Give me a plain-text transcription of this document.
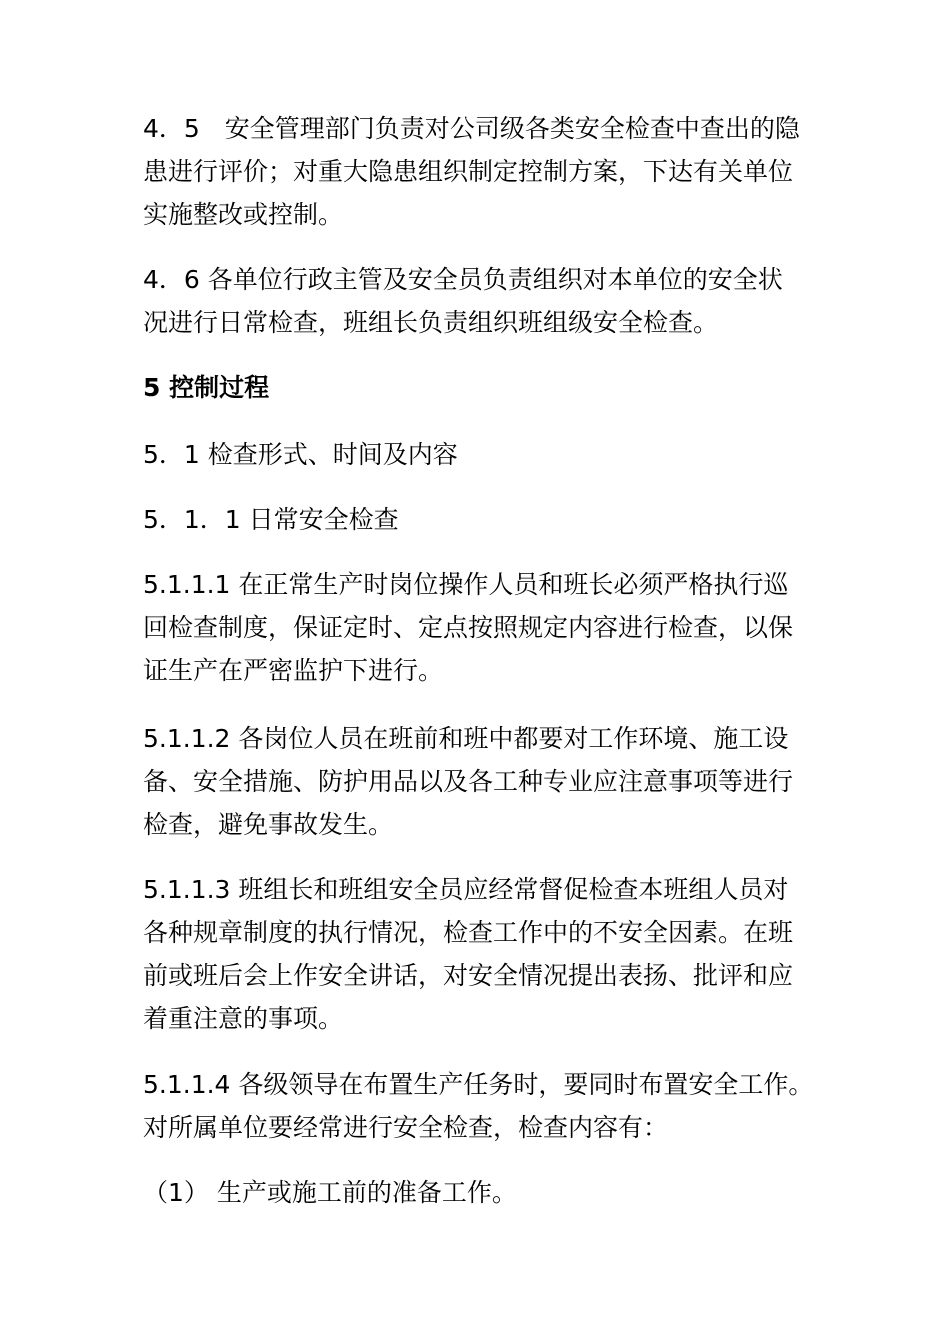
4．5　安全管理部门负责对公司级各类安全检查中查出的隐
患进行评价；对重大隐患组织制定控制方案，下达有关单位
实施整改或控制。
4．6 各单位行政主管及安全员负责组织对本单位的安全状
况进行日常检查，班组长负责组织班组级安全检查。
5 控制过程
5．1 检查形式、时间及内容
5．1．1 日常安全检查
5.1.1.1 在正常生产时岗位操作人员和班长必须严格执行巡
回检查制度，保证定时、定点按照规定内容进行检查，以保
证生产在严密监护下进行。
5.1.1.2 各岗位人员在班前和班中都要对工作环境、施工设
备、安全措施、防护用品以及各工种专业应注意事项等进行
检查，避免事故发生。
5.1.1.3 班组长和班组安全员应经常督促检查本班组人员对
各种规章制度的执行情况，检查工作中的不安全因素。在班
前或班后会上作安全讲话，对安全情况提出表扬、批评和应
着重注意的事项。
5.1.1.4 各级领导在布置生产任务时，要同时布置安全工作。
对所属单位要经常进行安全检查，检查内容有：
（1） 生产或施工前的准备工作。
